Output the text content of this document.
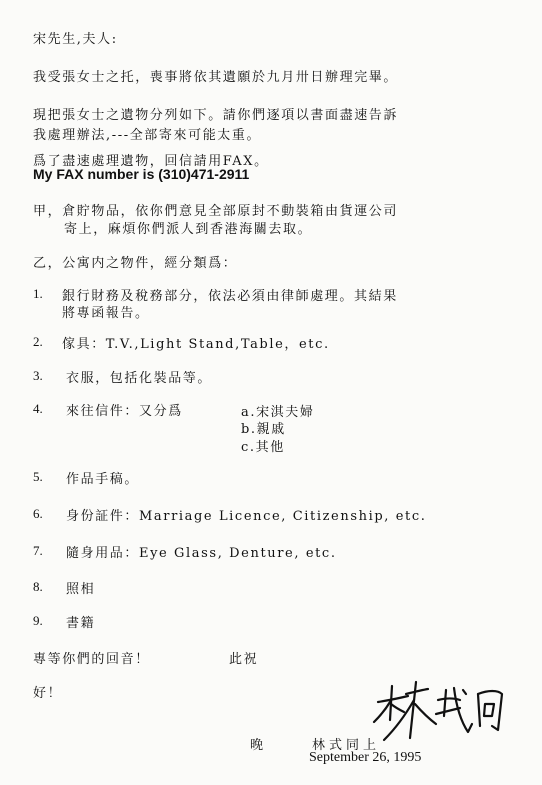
宋先生,夫人:
我受張女士之托，喪事將依其遺願於九月卅日辦理完畢。
現把張女士之遺物分列如下。請你們逐項以書面盡速告訴
我處理辦法,---全部寄來可能太重。
爲了盡速處理遺物，回信請用FAX。
My FAX number is (310)471-2911
甲，倉貯物品，依你們意見全部原封不動裝箱由貨運公司
寄上，麻煩你們派人到香港海關去取。
乙，公寓内之物件，經分類爲：
1. 銀行財務及稅務部分，依法必須由律師處理。其結果
將專函報告。
2. 傢具：T.V.,Light Stand,Table，etc.
3. 衣服，包括化裝品等。
4. 來往信件：又分爲	a.宋淇夫婦
b.親戚
c.其他
5. 作品手稿。
6. 身份証件：Marriage Licence, Citizenship, etc.
7. 隨身用品：Eye Glass, Denture, etc.
8. 照相
9. 書籍
專等你們的回音！	此祝
好！
晚	林式同上
September 26, 1995
